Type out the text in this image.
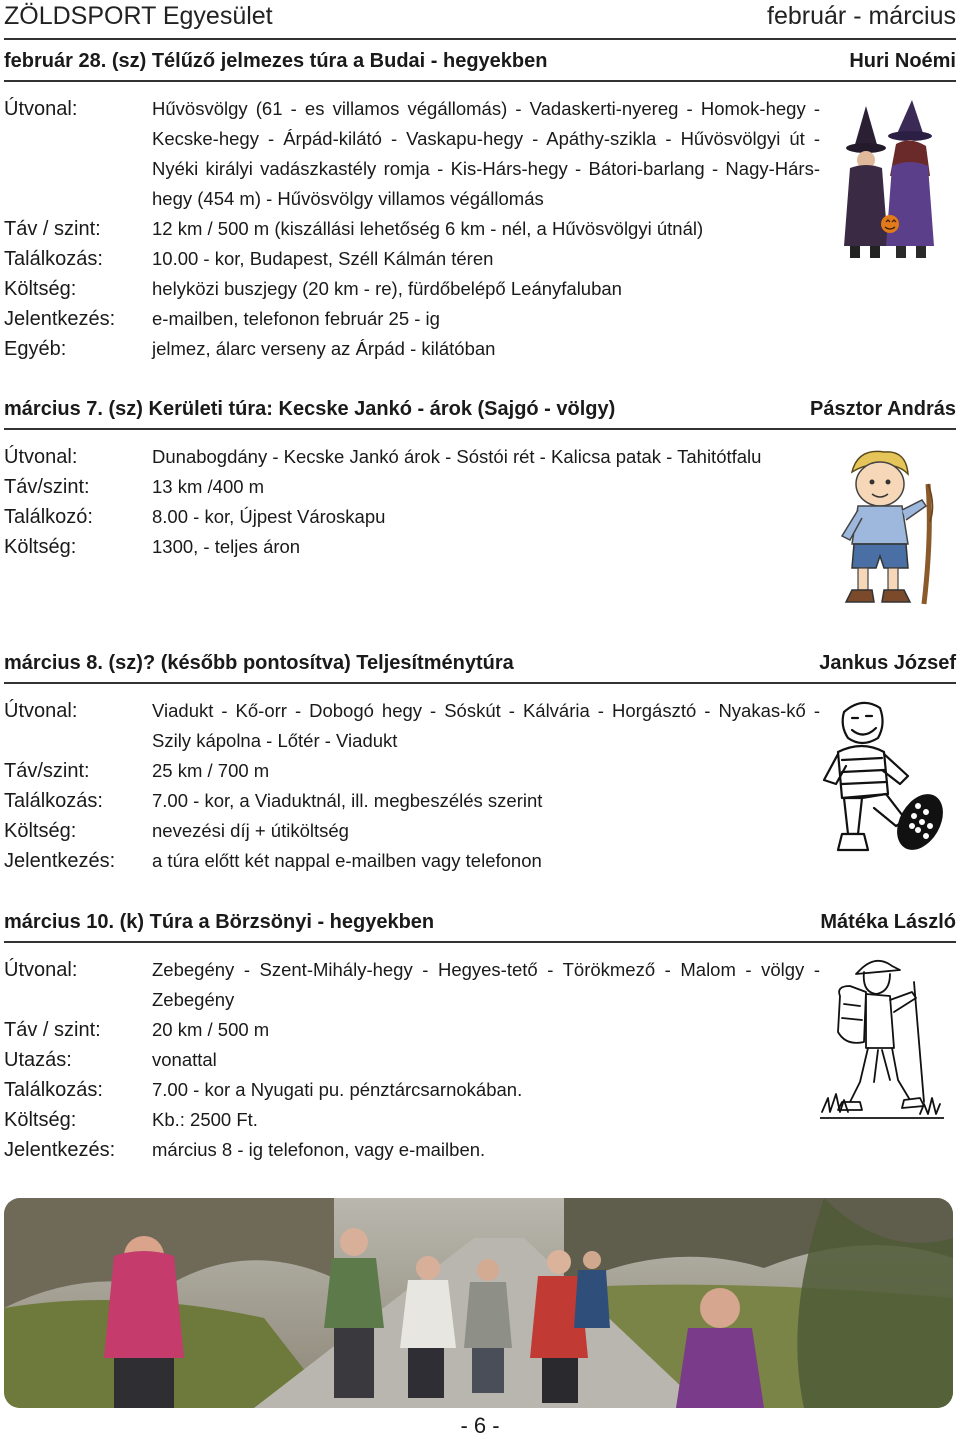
ZÖLDSPORT Egyesület	február - március
február 28. (sz) Télűző jelmezes túra a Budai - hegyekben	Huri Noémi
Útvonal:	Hűvösvölgy (61 - es villamos végállomás) - Vadaskerti-nyereg - Homok-hegy - Kecske-hegy - Árpád-kilátó - Vaskapu-hegy - Apáthy-szikla - Hűvösvölgyi út - Nyéki királyi vadászkastély romja - Kis-Hárs-hegy - Bátori-barlang - Nagy-Hárs- hegy (454 m) - Hűvösvölgy villamos végállomás
Táv / szint:	12 km / 500 m (kiszállási lehetőség 6 km - nél, a Hűvösvölgyi útnál)
Találkozás:	10.00 - kor, Budapest, Széll Kálmán téren
Költség:	helyközi buszjegy (20 km - re), fürdőbelépő Leányfaluban
Jelentkezés: e-mailben, telefonon február 25 - ig
Egyéb:	jelmez, álarc verseny az Árpád - kilátóban
március 7. (sz) Kerületi túra: Kecske Jankó - árok (Sajgó - völgy)	Pásztor András
Útvonal:	Dunabogdány - Kecske Jankó árok - Sóstói rét - Kalicsa patak - Tahitótfalu
Táv/szint:	13 km /400 m
Találkozó:	8.00 - kor, Újpest Városkapu
Költség:	1300, - teljes áron
március 8. (sz)? (később pontosítva) Teljesítménytúra	Jankus József
Útvonal:	Viadukt - Kő-orr - Dobogó hegy - Sóskút - Kálvária - Horgásztó - Nyakas-kő - Szily kápolna - Lőtér - Viadukt
Táv/szint:	25 km / 700 m
Találkozás:	7.00 - kor, a Viaduktnál, ill. megbeszélés szerint
Költség:	nevezési díj + útiköltség
Jelentkezés: a túra előtt két nappal e-mailben vagy telefonon
március 10. (k) Túra a Börzsönyi - hegyekben	Mátéka László
Útvonal:	Zebegény - Szent-Mihály-hegy - Hegyes-tető - Törökmező - Malom - völgy - Zebegény
Táv / szint:	20 km / 500 m
Utazás:	vonattal
Találkozás:	7.00 - kor a Nyugati pu. pénztárcsarnokában.
Költség:	Kb.: 2500 Ft.
Jelentkezés: március 8 - ig telefonon, vagy e-mailben.
- 6 -
